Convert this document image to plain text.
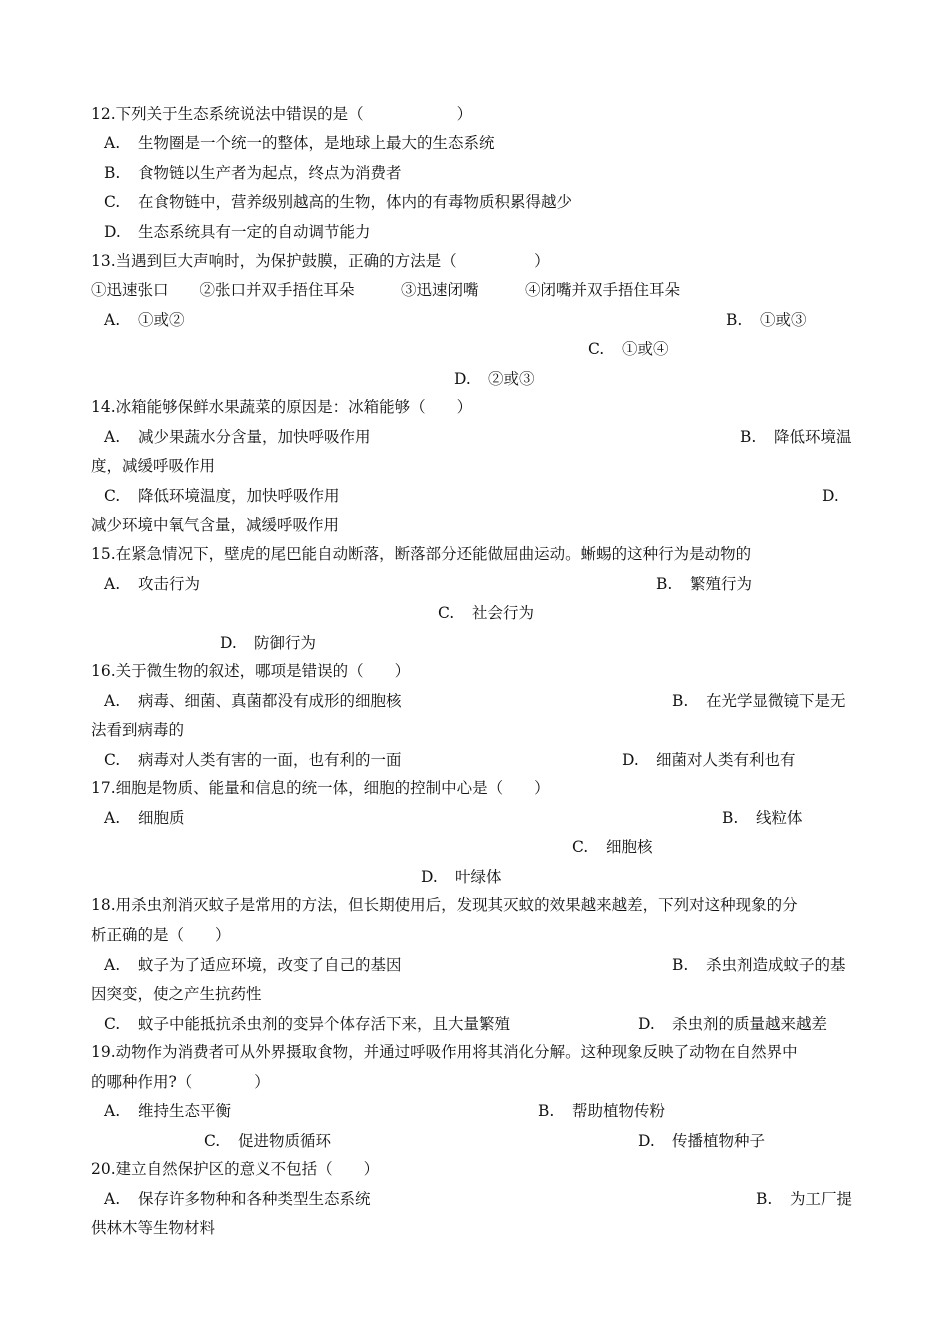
12.下列关于生态系统说法中错误的是（　　　　　　）
A. 生物圈是一个统一的整体，是地球上最大的生态系统
B. 食物链以生产者为起点，终点为消费者
C. 在食物链中，营养级别越高的生物，体内的有毒物质积累得越少
D. 生态系统具有一定的自动调节能力
13.当遇到巨大声响时，为保护鼓膜，正确的方法是（　　　　　）
①迅速张口　　②张口并双手捂住耳朵　　　③迅速闭嘴　　　④闭嘴并双手捂住耳朵
A. ①或②	B. ①或③
C. ①或④
D. ②或③
14.冰箱能够保鲜水果蔬菜的原因是：冰箱能够（　　）
A. 减少果蔬水分含量，加快呼吸作用	B. 降低环境温
度，减缓呼吸作用
C. 降低环境温度，加快呼吸作用	D.
减少环境中氧气含量，减缓呼吸作用
15.在紧急情况下，壁虎的尾巴能自动断落，断落部分还能做屈曲运动。蜥蜴的这种行为是动物的
A. 攻击行为	B. 繁殖行为
C. 社会行为
D. 防御行为
16.关于微生物的叙述，哪项是错误的（　　）
A. 病毒、细菌、真菌都没有成形的细胞核	B. 在光学显微镜下是无
法看到病毒的
C. 病毒对人类有害的一面，也有利的一面	D. 细菌对人类有利也有
17.细胞是物质、能量和信息的统一体，细胞的控制中心是（　　）
A. 细胞质	B. 线粒体
C. 细胞核
D. 叶绿体
18.用杀虫剂消灭蚊子是常用的方法，但长期使用后，发现其灭蚊的效果越来越差，下列对这种现象的分
析正确的是（　　）
A. 蚊子为了适应环境，改变了自己的基因	B. 杀虫剂造成蚊子的基
因突变，使之产生抗药性
C. 蚊子中能抵抗杀虫剂的变异个体存活下来，且大量繁殖	D. 杀虫剂的质量越来越差
19.动物作为消费者可从外界摄取食物，并通过呼吸作用将其消化分解。这种现象反映了动物在自然界中
的哪种作用?（　　　　）
A. 维持生态平衡	B. 帮助植物传粉
C. 促进物质循环	D. 传播植物种子
20.建立自然保护区的意义不包括（　　）
A. 保存许多物种和各种类型生态系统	B. 为工厂提
供林木等生物材料
